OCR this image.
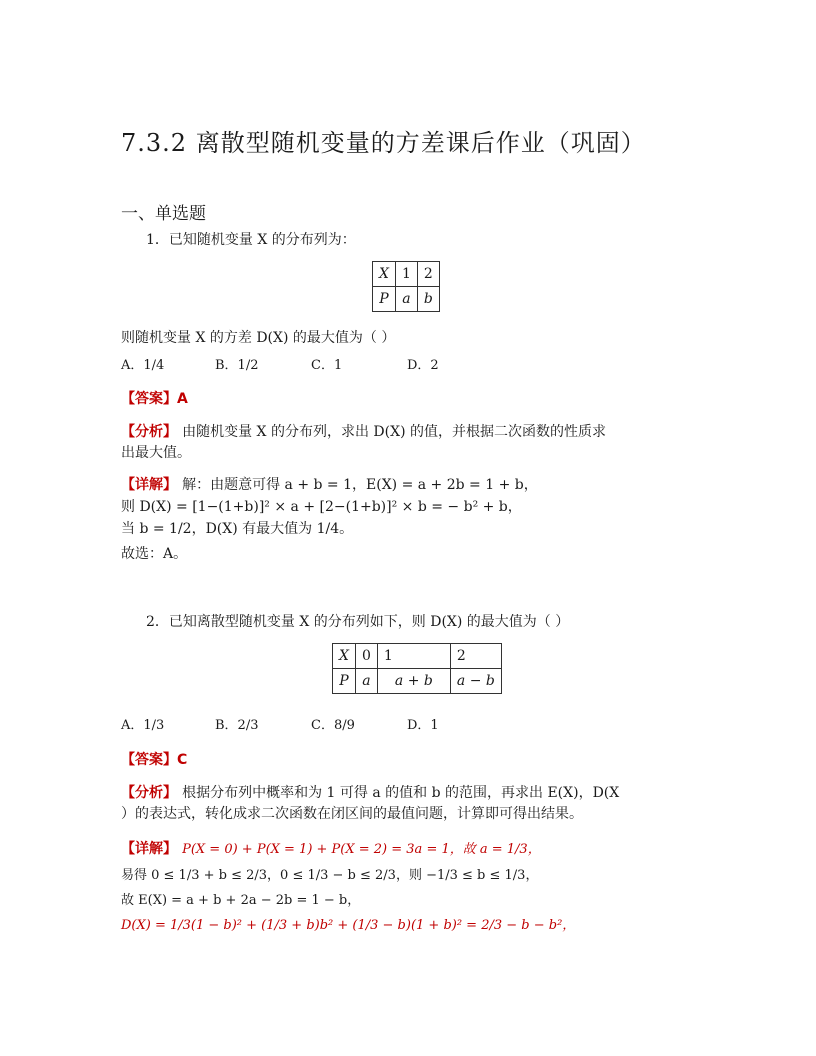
7.3.2 离散型随机变量的方差课后作业（巩固）
一、单选题
1．已知随机变量 X 的分布列为：
X	1	2
P	a	b
则随机变量 X 的方差 D(X) 的最大值为（ ）
A．1/4	B．1/2	C．1	D．2
【答案】A
【分析】 由随机变量 X 的分布列，求出 D(X) 的值，并根据二次函数的性质求
出最大值。
【详解】 解：由题意可得 a + b = 1，E(X) = a + 2b = 1 + b，
则 D(X) = [1−(1+b)]² × a + [2−(1+b)]² × b = − b² + b，
当 b = 1/2，D(X) 有最大值为 1/4。
故选：A。
2．已知离散型随机变量 X 的分布列如下，则 D(X) 的最大值为（ ）
X	0	1	2
P	a	a + b	a − b
A．1/3	B．2/3	C．8/9	D．1
【答案】C
【分析】 根据分布列中概率和为 1 可得 a 的值和 b 的范围，再求出 E(X)，D(X
）的表达式，转化成求二次函数在闭区间的最值问题，计算即可得出结果。
【详解】 P(X = 0) + P(X = 1) + P(X = 2) = 3a = 1，故 a = 1/3，
易得 0 ≤ 1/3 + b ≤ 2/3，0 ≤ 1/3 − b ≤ 2/3，则 −1/3 ≤ b ≤ 1/3，
故 E(X) = a + b + 2a − 2b = 1 − b，
D(X) = 1/3(1 − b)² + (1/3 + b)b² + (1/3 − b)(1 + b)² = 2/3 − b − b²，
